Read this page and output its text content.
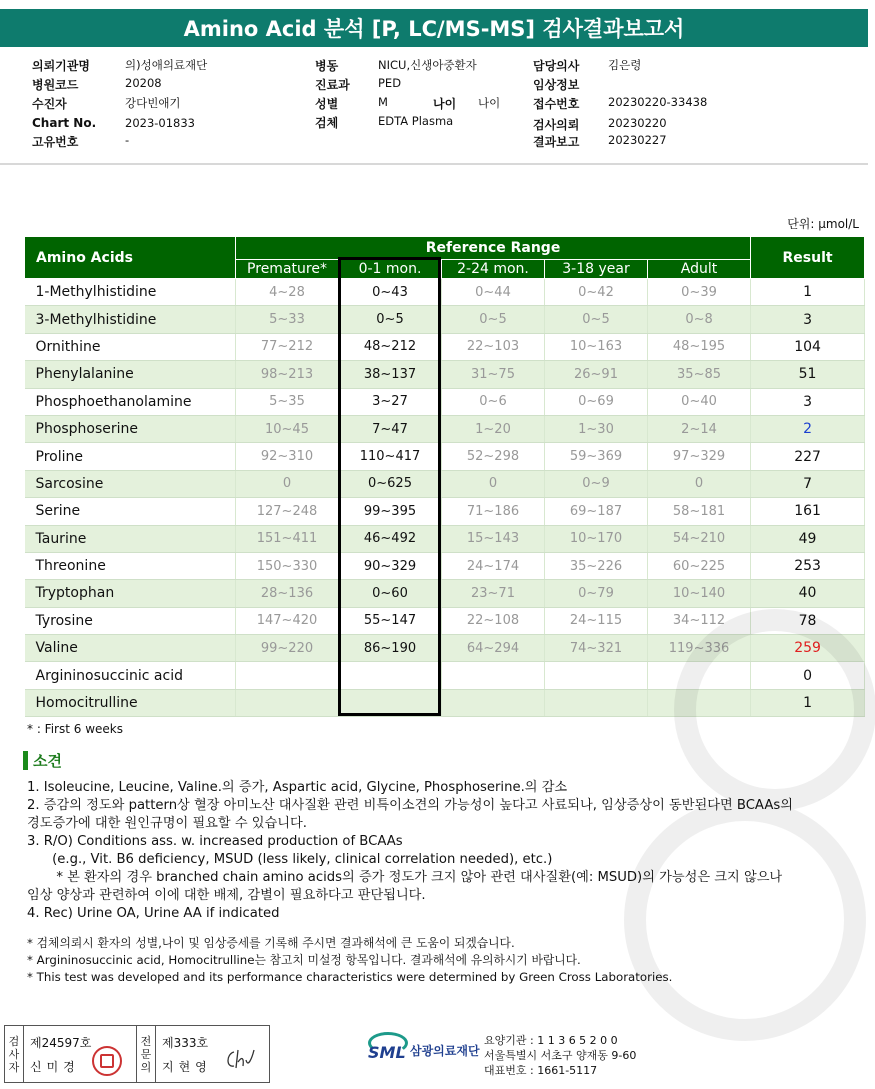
Amino Acid 분석 [P, LC/MS-MS] 검사결과보고서
의뢰기관명	의)성애의료재단
병원코드	20208
수진자	강다빈애기
Chart No.	2023-01833
고유번호	-
병동	NICU,신생아중환자
진료과 PED
성별	M	나이 나이
검체	EDTA Plasma
담당의사 김은령
임상정보
접수번호 20230220-33438
검사의뢰 20230220
결과보고 20230227
단위: μmol/L
Amino Acids	Reference Range					Result
	Premature*	0-1 mon.	2-24 mon.	3-18 year	Adult	
1-Methylhistidine	4~28	0~43	0~44	0~42	0~39	1
3-Methylhistidine	5~33	0~5	0~5	0~5	0~8	3
Ornithine	77~212	48~212	22~103	10~163	48~195	104
Phenylalanine	98~213	38~137	31~75	26~91	35~85	51
Phosphoethanolamine	5~35	3~27	0~6	0~69	0~40	3
Phosphoserine	10~45	7~47	1~20	1~30	2~14	2
Proline	92~310	110~417	52~298	59~369	97~329	227
Sarcosine	0	0~625	0	0~9	0	7
Serine	127~248	99~395	71~186	69~187	58~181	161
Taurine	151~411	46~492	15~143	10~170	54~210	49
Threonine	150~330	90~329	24~174	35~226	60~225	253
Tryptophan	28~136	0~60	23~71	0~79	10~140	40
Tyrosine	147~420	55~147	22~108	24~115	34~112	78
Valine	99~220	86~190	64~294	74~321	119~336	259
Argininosuccinic acid						0
Homocitrulline						1
* : First 6 weeks
소견
1. Isoleucine, Leucine, Valine.의 증가, Aspartic acid, Glycine, Phosphoserine.의 감소
2. 증감의 정도와 pattern상 혈장 아미노산 대사질환 관련 비특이소견의 가능성이 높다고 사료되나, 임상증상이 동반된다면 BCAAs의
경도증가에 대한 원인규명이 필요할 수 있습니다.
3. R/O) Conditions ass. w. increased production of BCAAs
(e.g., Vit. B6 deficiency, MSUD (less likely, clinical correlation needed), etc.)
* 본 환자의 경우 branched chain amino acids의 증가 정도가 크지 않아 관련 대사질환(예: MSUD)의 가능성은 크지 않으나
임상 양상과 관련하여 이에 대한 배제, 감별이 필요하다고 판단됩니다.
4. Rec) Urine OA, Urine AA if indicated
* 검체의뢰시 환자의 성별,나이 및 임상증세를 기록해 주시면 결과해석에 큰 도움이 되겠습니다.
* Argininosuccinic acid, Homocitrulline는 참고치 미설정 항목입니다. 결과해석에 유의하시기 바랍니다.
* This test was developed and its performance characteristics were determined by Green Cross Laboratories.
검
사
자
제24597호
신미경
전
문
의
제333호
지현영
SML 삼광의료재단
요양기관 : 1 1 3 6 5 2 0 0
서울특별시 서초구 양재동 9-60
대표번호 : 1661-5117
